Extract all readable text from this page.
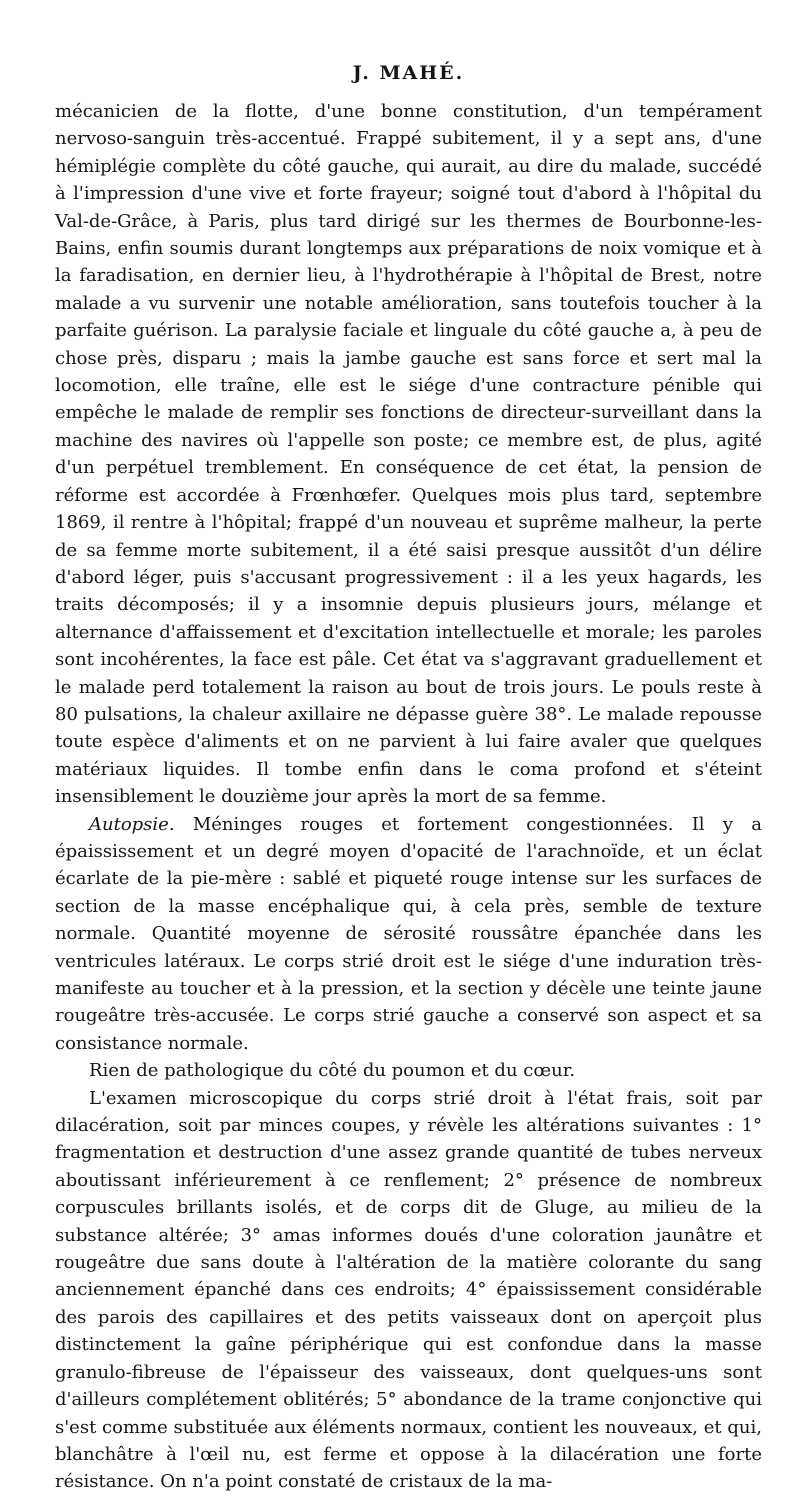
J. MAHÉ.

mécanicien de la flotte, d'une bonne constitution, d'un tempérament nervoso-sanguin très-accentué. Frappé subitement, il y a sept ans, d'une hémiplégie complète du côté gauche, qui aurait, au dire du malade, succédé à l'impression d'une vive et forte frayeur; soigné tout d'abord à l'hôpital du Val-de-Grâce, à Paris, plus tard dirigé sur les thermes de Bourbonne-les-Bains, enfin soumis durant longtemps aux préparations de noix vomique et à la faradisation, en dernier lieu, à l'hydrothérapie à l'hôpital de Brest, notre malade a vu survenir une notable amélioration, sans toutefois toucher à la parfaite guérison. La paralysie faciale et linguale du côté gauche a, à peu de chose près, disparu ; mais la jambe gauche est sans force et sert mal la locomotion, elle traîne, elle est le siége d'une contracture pénible qui empêche le malade de remplir ses fonctions de directeur-surveillant dans la machine des navires où l'appelle son poste; ce membre est, de plus, agité d'un perpétuel tremblement. En conséquence de cet état, la pension de réforme est accordée à Frœnhœfer. Quelques mois plus tard, septembre 1869, il rentre à l'hôpital; frappé d'un nouveau et suprême malheur, la perte de sa femme morte subitement, il a été saisi presque aussitôt d'un délire d'abord léger, puis s'accusant progressivement : il a les yeux hagards, les traits décomposés; il y a insomnie depuis plusieurs jours, mélange et alternance d'affaissement et d'excitation intellectuelle et morale; les paroles sont incohérentes, la face est pâle. Cet état va s'aggravant graduellement et le malade perd totalement la raison au bout de trois jours. Le pouls reste à 80 pulsations, la chaleur axillaire ne dépasse guère 38°. Le malade repousse toute espèce d'aliments et on ne parvient à lui faire avaler que quelques matériaux liquides. Il tombe enfin dans le coma profond et s'éteint insensiblement le douzième jour après la mort de sa femme.

Autopsie. Méninges rouges et fortement congestionnées. Il y a épaississement et un degré moyen d'opacité de l'arachnoïde, et un éclat écarlate de la pie-mère : sablé et piqueté rouge intense sur les surfaces de section de la masse encéphalique qui, à cela près, semble de texture normale. Quantité moyenne de sérosité roussâtre épanchée dans les ventricules latéraux. Le corps strié droit est le siége d'une induration très-manifeste au toucher et à la pression, et la section y décèle une teinte jaune rougeâtre très-accusée. Le corps strié gauche a conservé son aspect et sa consistance normale.

Rien de pathologique du côté du poumon et du cœur.

L'examen microscopique du corps strié droit à l'état frais, soit par dilacération, soit par minces coupes, y révèle les altérations suivantes : 1° fragmentation et destruction d'une assez grande quantité de tubes nerveux aboutissant inférieurement à ce renflement; 2° présence de nombreux corpuscules brillants isolés, et de corps dit de Gluge, au milieu de la substance altérée; 3° amas informes doués d'une coloration jaunâtre et rougeâtre due sans doute à l'altération de la matière colorante du sang anciennement épanché dans ces endroits; 4° épaississement considérable des parois des capillaires et des petits vaisseaux dont on aperçoit plus distinctement la gaîne périphérique qui est confondue dans la masse granulo-fibreuse de l'épaisseur des vaisseaux, dont quelques-uns sont d'ailleurs complétement oblitérés; 5° abondance de la trame conjonctive qui s'est comme substituée aux éléments normaux, contient les nouveaux, et qui, blanchâtre à l'œil nu, est ferme et oppose à la dilacération une forte résistance. On n'a point constaté de cristaux de la ma-
